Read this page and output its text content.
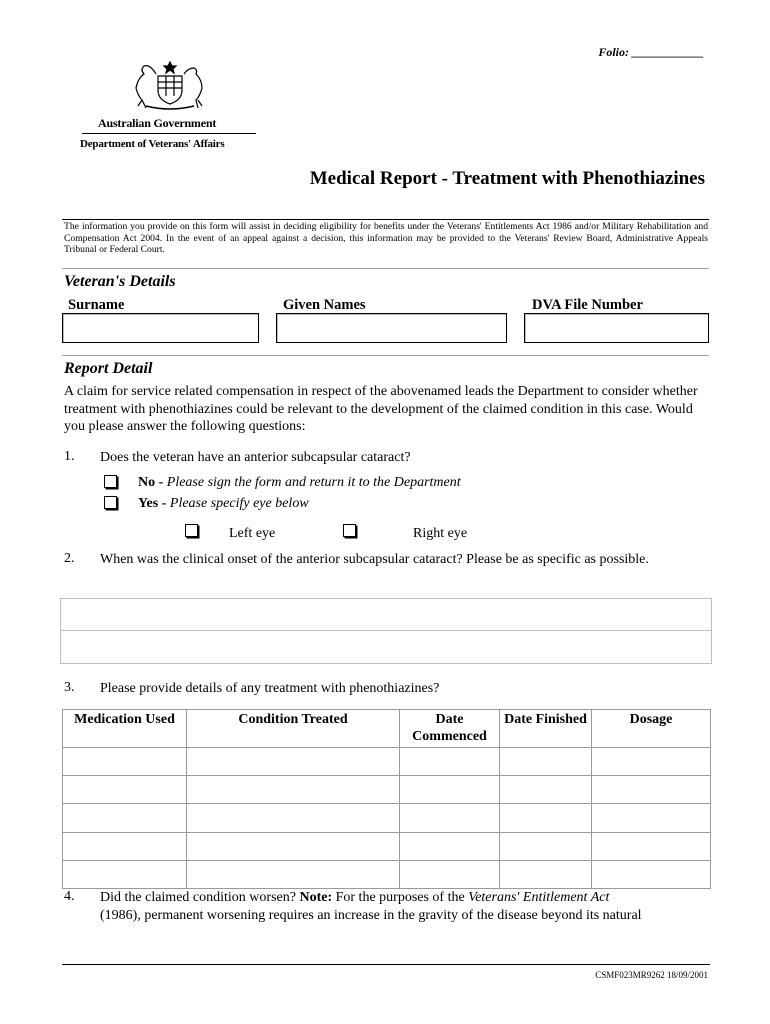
Folio: ____________
Australian Government
Department of Veterans' Affairs
Medical Report - Treatment with Phenothiazines
The information you provide on this form will assist in deciding eligibility for benefits under the Veterans' Entitlements Act 1986 and/or Military Rehabilitation and Compensation Act 2004. In the event of an appeal against a decision, this information may be provided to the Veterans' Review Board, Administrative Appeals Tribunal or Federal Court.
Veteran's Details
Surname	Given Names	DVA File Number
Report Detail
A claim for service related compensation in respect of the abovenamed leads the Department to consider whether treatment with phenothiazines could be relevant to the development of the claimed condition in this case. Would you please answer the following questions:
1. Does the veteran have an anterior subcapsular cataract?
No - Please sign the form and return it to the Department
Yes - Please specify eye below
Left eye	Right eye
2. When was the clinical onset of the anterior subcapsular cataract? Please be as specific as possible.
3. Please provide details of any treatment with phenothiazines?
Medication Used	Condition Treated	Date Commenced	Date Finished	Dosage

4. Did the claimed condition worsen? Note: For the purposes of the Veterans' Entitlement Act
(1986), permanent worsening requires an increase in the gravity of the disease beyond its natural
CSMF023MR9262 18/09/2001
